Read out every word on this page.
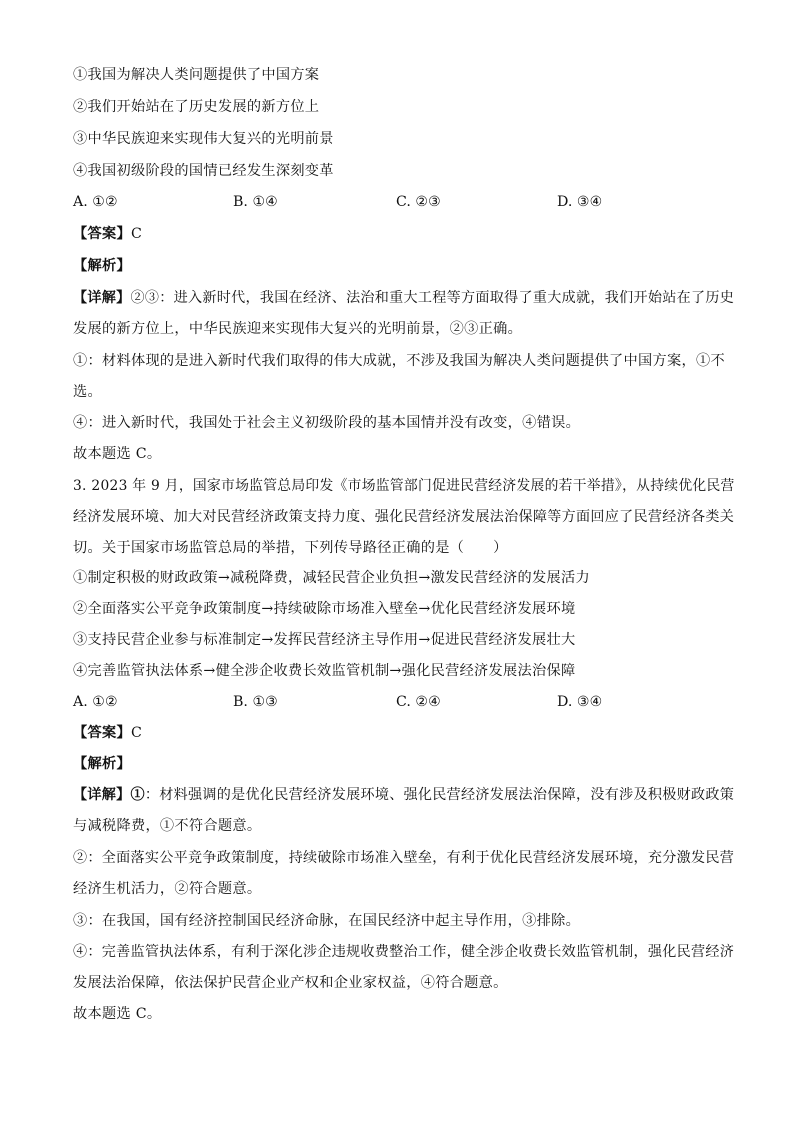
①我国为解决人类问题提供了中国方案
②我们开始站在了历史发展的新方位上
③中华民族迎来实现伟大复兴的光明前景
④我国初级阶段的国情已经发生深刻变革
A. ①②	B. ①④	C. ②③	D. ③④
【答案】C
【解析】
【详解】②③：进入新时代，我国在经济、法治和重大工程等方面取得了重大成就，我们开始站在了历史
发展的新方位上，中华民族迎来实现伟大复兴的光明前景，②③正确。
①：材料体现的是进入新时代我们取得的伟大成就，不涉及我国为解决人类问题提供了中国方案，①不
选。
④：进入新时代，我国处于社会主义初级阶段的基本国情并没有改变，④错误。
故本题选 C。
3. 2023 年 9 月，国家市场监管总局印发《市场监管部门促进民营经济发展的若干举措》，从持续优化民营
经济发展环境、加大对民营经济政策支持力度、强化民营经济发展法治保障等方面回应了民营经济各类关
切。关于国家市场监管总局的举措，下列传导路径正确的是（　　）
①制定积极的财政政策→减税降费，减轻民营企业负担→激发民营经济的发展活力
②全面落实公平竞争政策制度→持续破除市场准入壁垒→优化民营经济发展环境
③支持民营企业参与标准制定→发挥民营经济主导作用→促进民营经济发展壮大
④完善监管执法体系→健全涉企收费长效监管机制→强化民营经济发展法治保障
A. ①②	B. ①③	C. ②④	D. ③④
【答案】C
【解析】
【详解】①：材料强调的是优化民营经济发展环境、强化民营经济发展法治保障，没有涉及积极财政政策
与减税降费，①不符合题意。
②：全面落实公平竞争政策制度，持续破除市场准入壁垒，有利于优化民营经济发展环境，充分激发民营
经济生机活力，②符合题意。
③：在我国，国有经济控制国民经济命脉，在国民经济中起主导作用，③排除。
④：完善监管执法体系，有利于深化涉企违规收费整治工作，健全涉企收费长效监管机制，强化民营经济
发展法治保障，依法保护民营企业产权和企业家权益，④符合题意。
故本题选 C。
